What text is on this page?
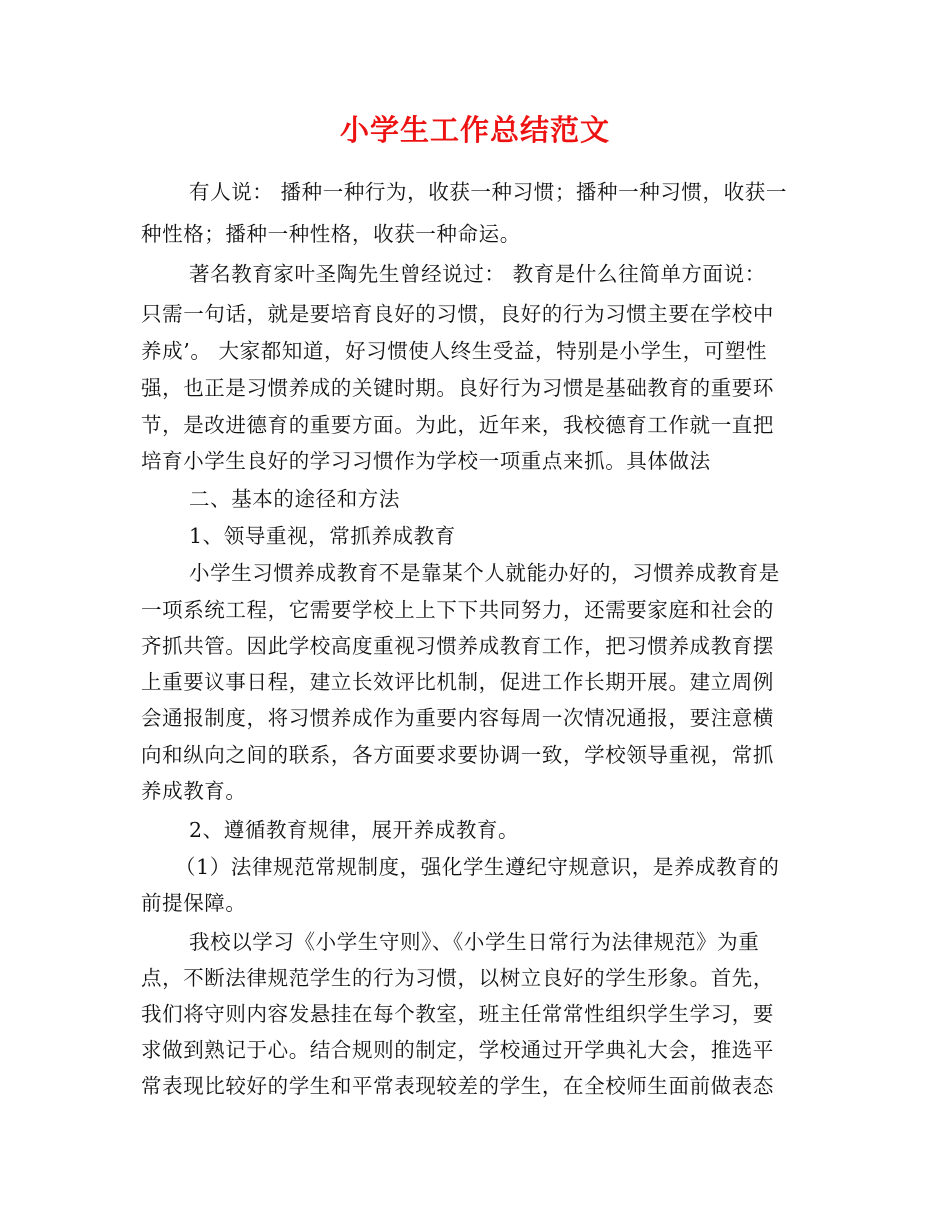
小学生工作总结范文
有人说： 播种一种行为，收获一种习惯；播种一种习惯，收获一
种性格；播种一种性格，收获一种命运。
著名教育家叶圣陶先生曾经说过： 教育是什么往简单方面说：
只需一句话，就是要培育良好的习惯，良好的行为习惯主要在学校中
养成’。 大家都知道，好习惯使人终生受益，特别是小学生，可塑性
强，也正是习惯养成的关键时期。良好行为习惯是基础教育的重要环
节，是改进德育的重要方面。为此，近年来，我校德育工作就一直把
培育小学生良好的学习习惯作为学校一项重点来抓。具体做法
二、基本的途径和方法
1、领导重视，常抓养成教育
小学生习惯养成教育不是靠某个人就能办好的，习惯养成教育是
一项系统工程，它需要学校上上下下共同努力，还需要家庭和社会的
齐抓共管。因此学校高度重视习惯养成教育工作，把习惯养成教育摆
上重要议事日程，建立长效评比机制，促进工作长期开展。建立周例
会通报制度，将习惯养成作为重要内容每周一次情况通报，要注意横
向和纵向之间的联系，各方面要求要协调一致，学校领导重视，常抓
养成教育。
2、遵循教育规律，展开养成教育。
（1）法律规范常规制度，强化学生遵纪守规意识，是养成教育的
前提保障。
我校以学习《小学生守则》、《小学生日常行为法律规范》为重
点，不断法律规范学生的行为习惯，以树立良好的学生形象。首先，
我们将守则内容发悬挂在每个教室，班主任常常性组织学生学习，要
求做到熟记于心。结合规则的制定，学校通过开学典礼大会，推选平
常表现比较好的学生和平常表现较差的学生，在全校师生面前做表态
